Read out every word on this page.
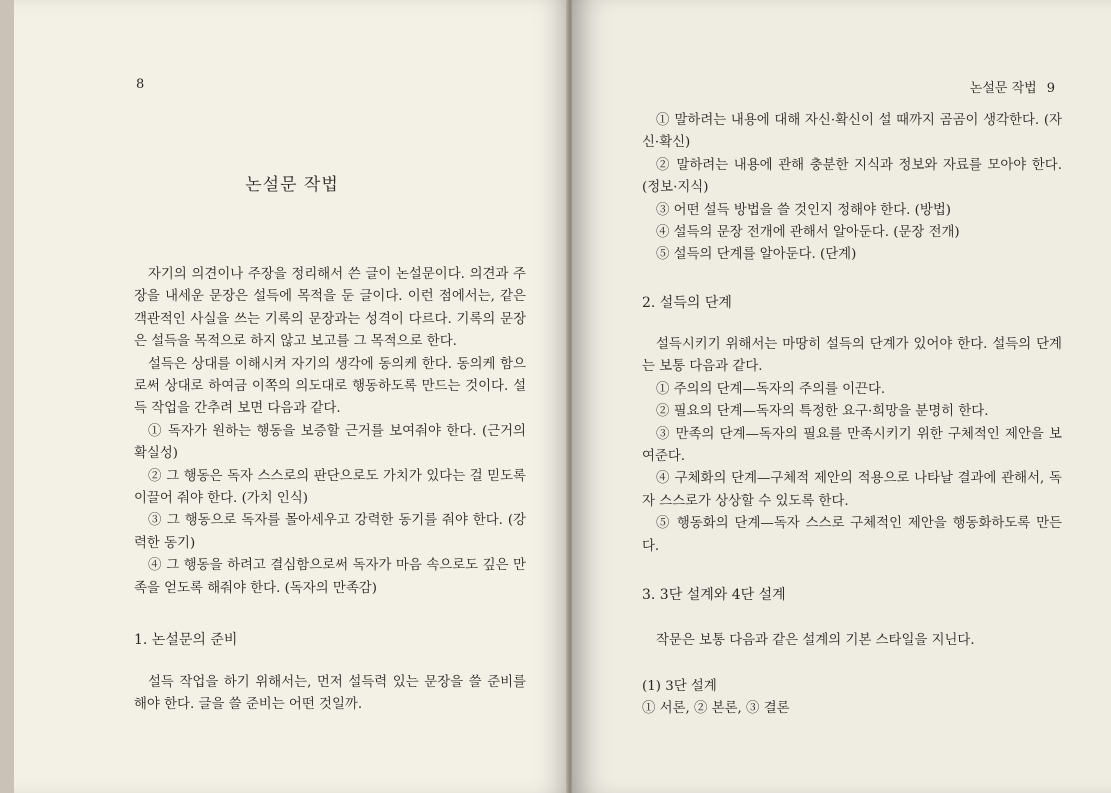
8
논설문 작법

자기의 의견이나 주장을 정리해서 쓴 글이 논설문이다. 의견과 주장을 내세운 문장은 설득에 목적을 둔 글이다. 이런 점에서는, 같은 객관적인 사실을 쓰는 기록의 문장과는 성격이 다르다. 기록의 문장은 설득을 목적으로 하지 않고 보고를 그 목적으로 한다.

설득은 상대를 이해시켜 자기의 생각에 동의케 한다. 동의케 함으로써 상대로 하여금 이쪽의 의도대로 행동하도록 만드는 것이다. 설득 작업을 간추려 보면 다음과 같다.

① 독자가 원하는 행동을 보증할 근거를 보여줘야 한다. (근거의 확실성)

② 그 행동은 독자 스스로의 판단으로도 가치가 있다는 걸 믿도록 이끌어 줘야 한다. (가치 인식)

③ 그 행동으로 독자를 몰아세우고 강력한 동기를 줘야 한다. (강력한 동기)

④ 그 행동을 하려고 결심함으로써 독자가 마음 속으로도 깊은 만족을 얻도록 해줘야 한다. (독자의 만족감)

1. 논설문의 준비

설득 작업을 하기 위해서는, 먼저 설득력 있는 문장을 쓸 준비를 해야 한다. 글을 쓸 준비는 어떤 것일까.

논설문 작법 9

① 말하려는 내용에 대해 자신·확신이 설 때까지 곰곰이 생각한다. (자신·확신)

② 말하려는 내용에 관해 충분한 지식과 정보와 자료를 모아야 한다. (정보·지식)

③ 어떤 설득 방법을 쓸 것인지 정해야 한다. (방법)

④ 설득의 문장 전개에 관해서 알아둔다. (문장 전개)

⑤ 설득의 단계를 알아둔다. (단계)

2. 설득의 단계

설득시키기 위해서는 마땅히 설득의 단계가 있어야 한다. 설득의 단계는 보통 다음과 같다.

① 주의의 단계—독자의 주의를 이끈다.

② 필요의 단계—독자의 특정한 요구·희망을 분명히 한다.

③ 만족의 단계—독자의 필요를 만족시키기 위한 구체적인 제안을 보여준다.

④ 구체화의 단계—구체적 제안의 적용으로 나타날 결과에 관해서, 독자 스스로가 상상할 수 있도록 한다.

⑤ 행동화의 단계—독자 스스로 구체적인 제안을 행동화하도록 만든다.

3. 3단 설계와 4단 설계

작문은 보통 다음과 같은 설계의 기본 스타일을 지닌다.

(1) 3단 설계

① 서론, ② 본론, ③ 결론
